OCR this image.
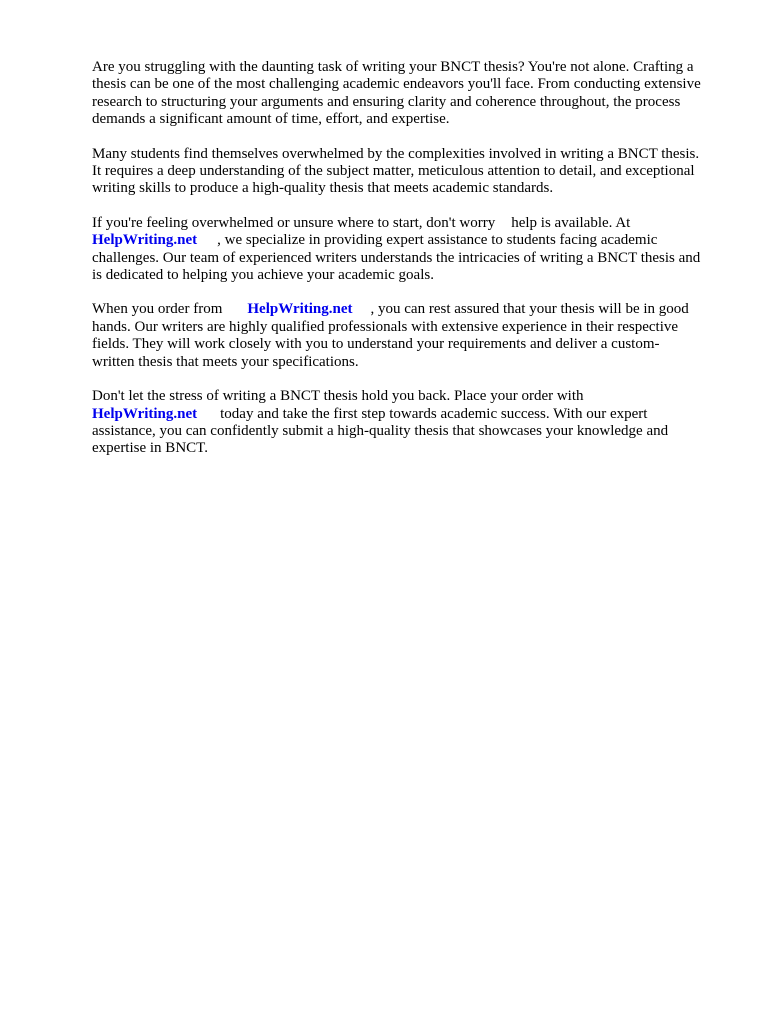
Are you struggling with the daunting task of writing your BNCT thesis? You're not alone. Crafting a
thesis can be one of the most challenging academic endeavors you'll face. From conducting extensive
research to structuring your arguments and ensuring clarity and coherence throughout, the process
demands a significant amount of time, effort, and expertise.

Many students find themselves overwhelmed by the complexities involved in writing a BNCT thesis.
It requires a deep understanding of the subject matter, meticulous attention to detail, and exceptional
writing skills to produce a high-quality thesis that meets academic standards.

If you're feeling overwhelmed or unsure where to start, don't worry help is available. At
HelpWriting.net , we specialize in providing expert assistance to students facing academic
challenges. Our team of experienced writers understands the intricacies of writing a BNCT thesis and
is dedicated to helping you achieve your academic goals.

When you order from HelpWriting.net , you can rest assured that your thesis will be in good
hands. Our writers are highly qualified professionals with extensive experience in their respective
fields. They will work closely with you to understand your requirements and deliver a custom-
written thesis that meets your specifications.

Don't let the stress of writing a BNCT thesis hold you back. Place your order with
HelpWriting.net today and take the first step towards academic success. With our expert
assistance, you can confidently submit a high-quality thesis that showcases your knowledge and
expertise in BNCT.
